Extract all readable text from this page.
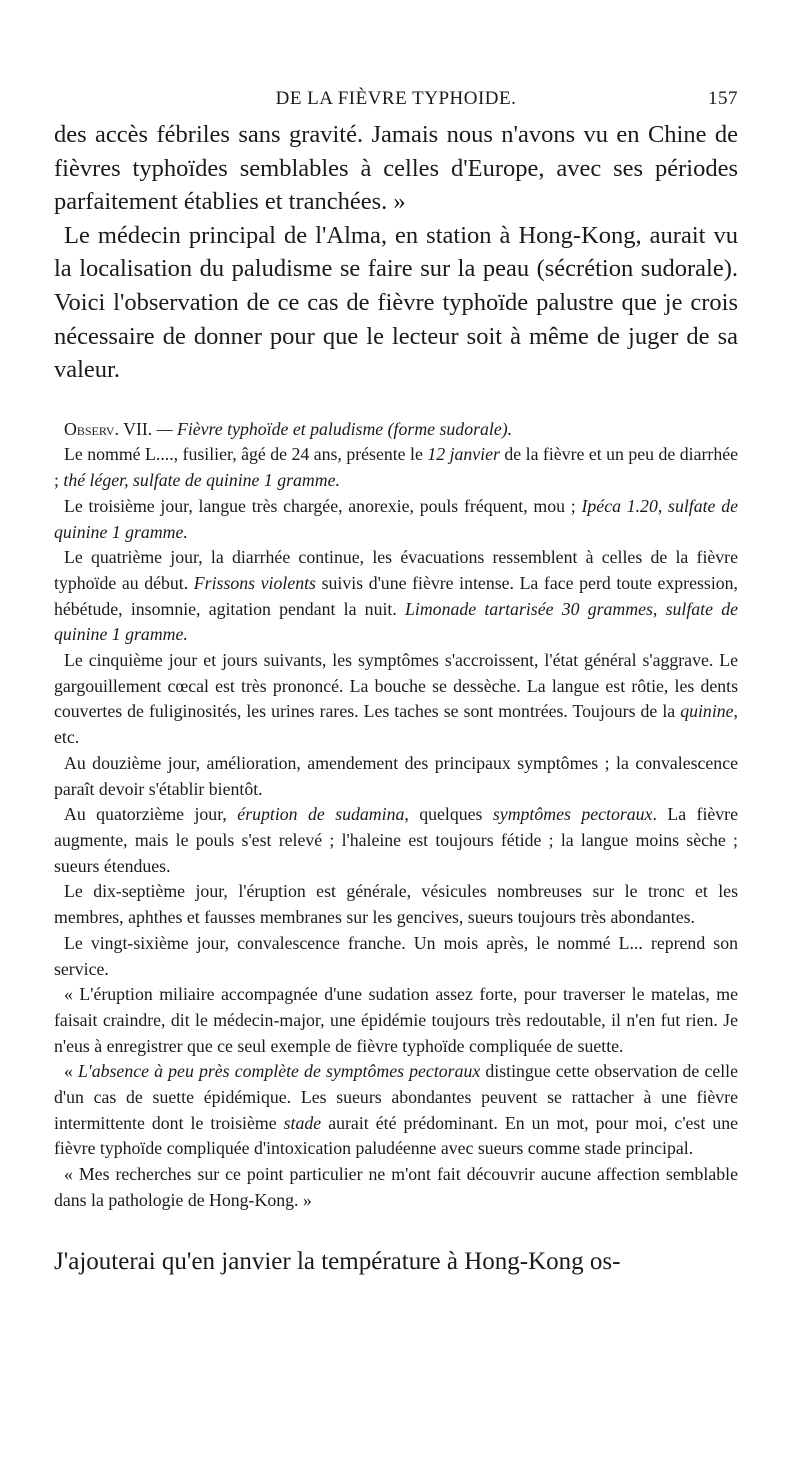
DE LA FIÈVRE TYPHOIDE.	157

des accès fébriles sans gravité. Jamais nous n'avons vu en Chine de fièvres typhoïdes semblables à celles d'Europe, avec ses périodes parfaitement établies et tranchées. »

Le médecin principal de l'Alma, en station à Hong-Kong, aurait vu la localisation du paludisme se faire sur la peau (sécrétion sudorale). Voici l'observation de ce cas de fièvre typhoïde palustre que je crois nécessaire de donner pour que le lecteur soit à même de juger de sa valeur.

Observ. VII. — Fièvre typhoïde et paludisme (forme sudorale).

Le nommé L...., fusilier, âgé de 24 ans, présente le 12 janvier de la fièvre et un peu de diarrhée ; thé léger, sulfate de quinine 1 gramme.

Le troisième jour, langue très chargée, anorexie, pouls fréquent, mou ; Ipéca 1.20, sulfate de quinine 1 gramme.

Le quatrième jour, la diarrhée continue, les évacuations ressemblent à celles de la fièvre typhoïde au début. Frissons violents suivis d'une fièvre intense. La face perd toute expression, hébétude, insomnie, agitation pendant la nuit. Limonade tartarisée 30 grammes, sulfate de quinine 1 gramme.

Le cinquième jour et jours suivants, les symptômes s'accroissent, l'état général s'aggrave. Le gargouillement cœcal est très prononcé. La bouche se dessèche. La langue est rôtie, les dents couvertes de fuliginosités, les urines rares. Les taches se sont montrées. Toujours de la quinine, etc.

Au douzième jour, amélioration, amendement des principaux symptômes ; la convalescence paraît devoir s'établir bientôt.

Au quatorzième jour, éruption de sudamina, quelques symptômes pectoraux. La fièvre augmente, mais le pouls s'est relevé ; l'haleine est toujours fétide ; la langue moins sèche ; sueurs étendues.

Le dix-septième jour, l'éruption est générale, vésicules nombreuses sur le tronc et les membres, aphthes et fausses membranes sur les gencives, sueurs toujours très abondantes.

Le vingt-sixième jour, convalescence franche. Un mois après, le nommé L... reprend son service.

« L'éruption miliaire accompagnée d'une sudation assez forte, pour traverser le matelas, me faisait craindre, dit le médecin-major, une épidémie toujours très redoutable, il n'en fut rien. Je n'eus à enregistrer que ce seul exemple de fièvre typhoïde compliquée de suette.

« L'absence à peu près complète de symptômes pectoraux distingue cette observation de celle d'un cas de suette épidémique. Les sueurs abondantes peuvent se rattacher à une fièvre intermittente dont le troisième stade aurait été prédominant. En un mot, pour moi, c'est une fièvre typhoïde compliquée d'intoxication paludéenne avec sueurs comme stade principal.

« Mes recherches sur ce point particulier ne m'ont fait découvrir aucune affection semblable dans la pathologie de Hong-Kong. »

J'ajouterai qu'en janvier la température à Hong-Kong os-
